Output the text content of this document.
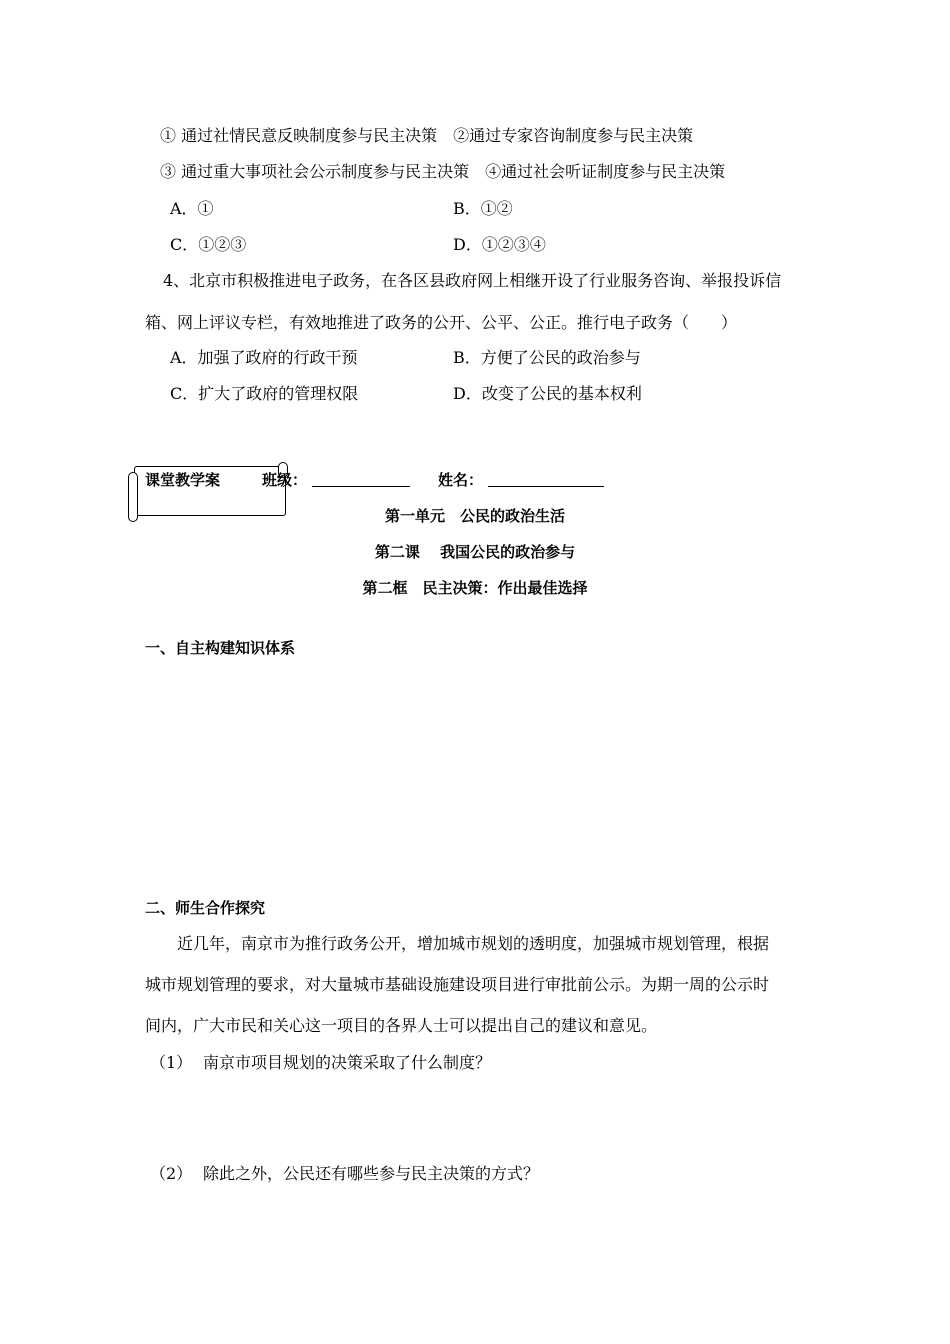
① 通过社情民意反映制度参与民主决策　②通过专家咨询制度参与民主决策
③ 通过重大事项社会公示制度参与民主决策　④通过社会听证制度参与民主决策
A．①	B．①②
C．①②③	D．①②③④
4、北京市积极推进电子政务，在各区县政府网上相继开设了行业服务咨询、举报投诉信
箱、网上评议专栏，有效地推进了政务的公开、公平、公正。推行电子政务（　　）
A．加强了政府的行政干预	B．方便了公民的政治参与
C．扩大了政府的管理权限	D．改变了公民的基本权利
课堂教学案	班级：	姓名：
第一单元　公民的政治生活
第二课　 我国公民的政治参与
第二框　民主决策：作出最佳选择
一、自主构建知识体系
二、师生合作探究
近几年，南京市为推行政务公开，增加城市规划的透明度，加强城市规划管理，根据
城市规划管理的要求，对大量城市基础设施建设项目进行审批前公示。为期一周的公示时
间内，广大市民和关心这一项目的各界人士可以提出自己的建议和意见。
（1） 南京市项目规划的决策采取了什么制度？
（2） 除此之外，公民还有哪些参与民主决策的方式？
